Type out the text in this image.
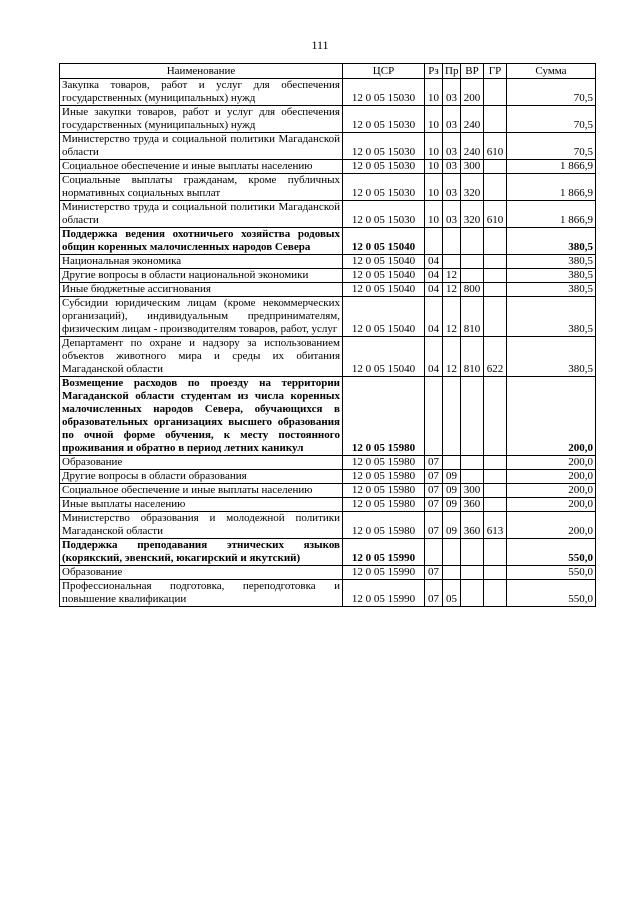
111
Наименование	ЦСР	Рз	Пр	ВР	ГР	Сумма
Закупка товаров, работ и услуг для обеспечения государственных (муниципальных) нужд	12 0 05 15030	10	03	200		70,5
Иные закупки товаров, работ и услуг для обеспечения государственных (муниципальных) нужд	12 0 05 15030	10	03	240		70,5
Министерство труда и социальной политики Магаданской области	12 0 05 15030	10	03	240	610	70,5
Социальное обеспечение и иные выплаты населению	12 0 05 15030	10	03	300		1 866,9
Социальные выплаты гражданам, кроме публичных нормативных социальных выплат	12 0 05 15030	10	03	320		1 866,9
Министерство труда и социальной политики Магаданской области	12 0 05 15030	10	03	320	610	1 866,9
Поддержка ведения охотничьего хозяйства родовых общин коренных малочисленных народов Севера	12 0 05 15040					380,5
Национальная экономика	12 0 05 15040	04				380,5
Другие вопросы в области национальной экономики	12 0 05 15040	04	12			380,5
Иные бюджетные ассигнования	12 0 05 15040	04	12	800		380,5
Субсидии юридическим лицам (кроме некоммерческих организаций), индивидуальным предпринимателям, физическим лицам - производителям товаров, работ, услуг	12 0 05 15040	04	12	810		380,5
Департамент по охране и надзору за использованием объектов животного мира и среды их обитания Магаданской области	12 0 05 15040	04	12	810	622	380,5
Возмещение расходов по проезду на территории Магаданской области студентам из числа коренных малочисленных народов Севера, обучающихся в образовательных организациях высшего образования по очной форме обучения, к месту постоянного проживания и обратно в период летних каникул	12 0 05 15980					200,0
Образование	12 0 05 15980	07				200,0
Другие вопросы в области образования	12 0 05 15980	07	09			200,0
Социальное обеспечение и иные выплаты населению	12 0 05 15980	07	09	300		200,0
Иные выплаты населению	12 0 05 15980	07	09	360		200,0
Министерство образования и молодежной политики Магаданской области	12 0 05 15980	07	09	360	613	200,0
Поддержка преподавания этнических языков (корякский, эвенский, юкагирский и якутский)	12 0 05 15990					550,0
Образование	12 0 05 15990	07				550,0
Профессиональная подготовка, переподготовка и повышение квалификации	12 0 05 15990	07	05			550,0
